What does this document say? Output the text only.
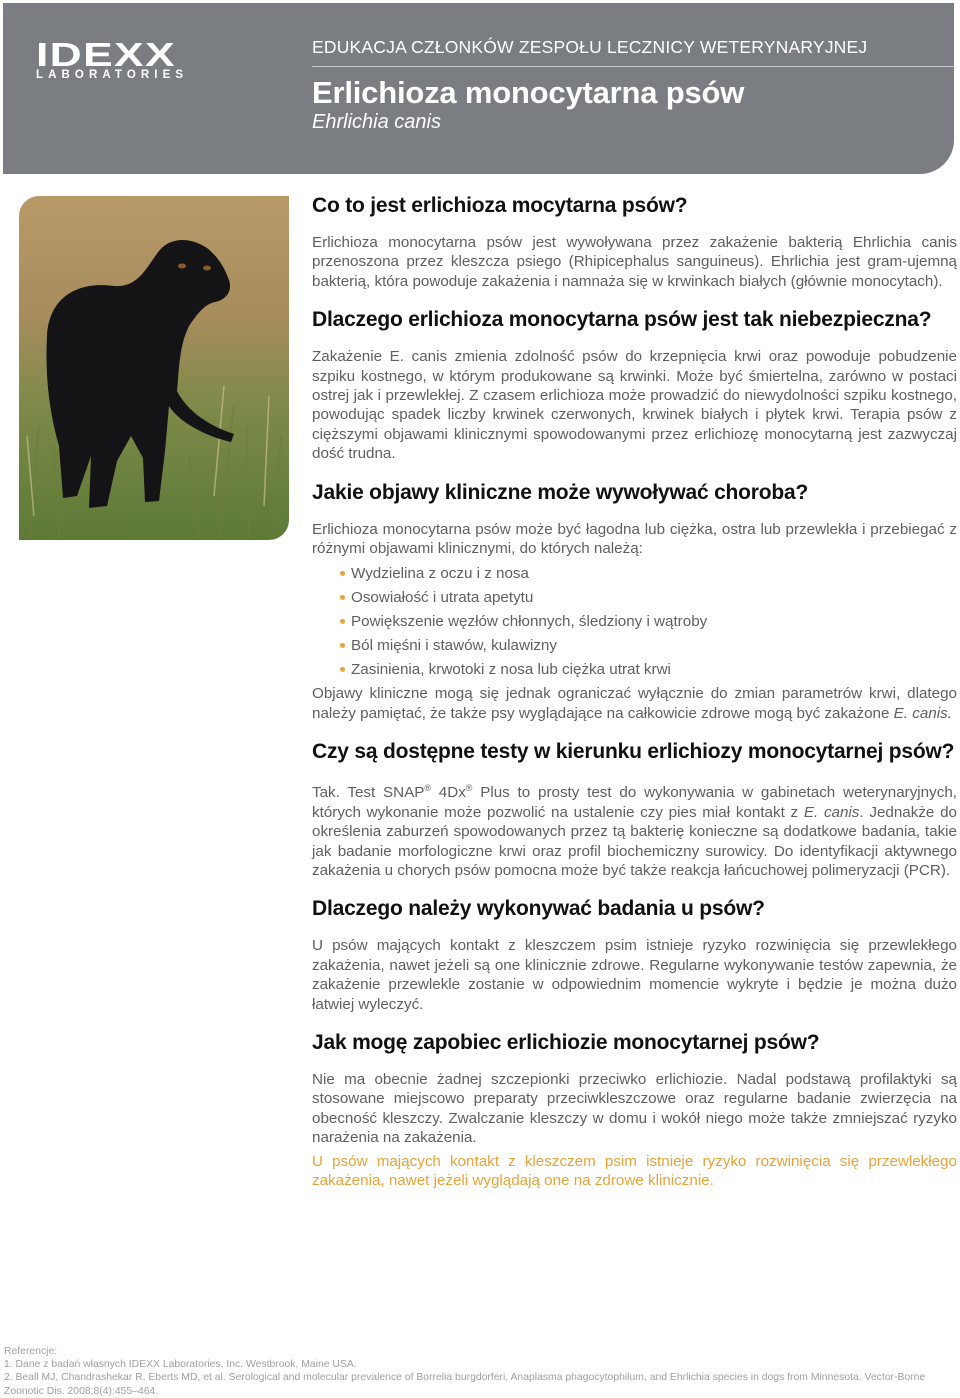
IDEXX
LABORATORIES
EDUKACJA CZŁONKÓW ZESPOŁU LECZNICY WETERYNARYJNEJ
Erlichioza monocytarna psów
Ehrlichia canis
Co to jest erlichioza mocytarna psów?

Erlichioza monocytarna psów jest wywoływana przez zakażenie bakterią Ehrlichia canis przenoszona przez kleszcza psiego (Rhipicephalus sanguineus). Ehrlichia jest gram-ujemną bakterią, która powoduje zakażenia i namnaża się w krwinkach białych (głównie monocytach).

Dlaczego erlichioza monocytarna psów jest tak niebezpieczna?

Zakażenie E. canis zmienia zdolność psów do krzepnięcia krwi oraz powoduje pobudzenie szpiku kostnego, w którym produkowane są krwinki. Może być śmiertelna, zarówno w postaci ostrej jak i przewlekłej. Z czasem erlichioza może prowadzić do niewydolności szpiku kostnego, powodując spadek liczby krwinek czerwonych, krwinek białych i płytek krwi. Terapia psów z cięższymi objawami klinicznymi spowodowanymi przez erlichiozę monocytarną jest zazwyczaj dość trudna.

Jakie objawy kliniczne może wywoływać choroba?

Erlichioza monocytarna psów może być łagodna lub ciężka, ostra lub przewlekła i przebiegać z różnymi objawami klinicznymi, do których należą:

Wydzielina z oczu i z nosa
Osowiałość i utrata apetytu
Powiększenie węzłów chłonnych, śledziony i wątroby
Ból mięśni i stawów, kulawizny
Zasinienia, krwotoki z nosa lub ciężka utrat krwi

Objawy kliniczne mogą się jednak ograniczać wyłącznie do zmian parametrów krwi, dlatego należy pamiętać, że także psy wyglądające na całkowicie zdrowe mogą być zakażone E. canis.

Czy są dostępne testy w kierunku erlichiozy monocytarnej psów?

Tak. Test SNAP® 4Dx® Plus to prosty test do wykonywania w gabinetach weterynaryjnych, których wykonanie może pozwolić na ustalenie czy pies miał kontakt z E. canis. Jednakże do określenia zaburzeń spowodowanych przez tą bakterię konieczne są dodatkowe badania, takie jak badanie morfologiczne krwi oraz profil biochemiczny surowicy. Do identyfikacji aktywnego zakażenia u chorych psów pomocna może być także reakcja łańcuchowej polimeryzacji (PCR).

Dlaczego należy wykonywać badania u psów?

U psów mających kontakt z kleszczem psim istnieje ryzyko rozwinięcia się przewlekłego zakażenia, nawet jeżeli są one klinicznie zdrowe. Regularne wykonywanie testów zapewnia, że zakażenie przewlekle zostanie w odpowiednim momencie wykryte i będzie je można dużo łatwiej wyleczyć.

Jak mogę zapobiec erlichiozie monocytarnej psów?

Nie ma obecnie żadnej szczepionki przeciwko erlichiozie. Nadal podstawą profilaktyki są stosowane miejscowo preparaty przeciwkleszczowe oraz regularne badanie zwierzęcia na obecność kleszczy. Zwalczanie kleszczy w domu i wokół niego może także zmniejszać ryzyko narażenia na zakażenia.

U psów mających kontakt z kleszczem psim istnieje ryzyko rozwinięcia się przewlekłego zakażenia, nawet jeżeli wyglądają one na zdrowe klinicznie.

Referencje:
1. Dane z badań własnych IDEXX Laboratories, Inc. Westbrook, Maine USA.
2. Beall MJ, Chandrashekar R, Eberts MD, et al. Serological and molecular prevalence of Borrelia burgdorferi, Anaplasma phagocytophilum, and Ehrlichia species in dogs from Minnesota. Vector-Borne
Zoonotic Dis. 2008;8(4):455–464.
